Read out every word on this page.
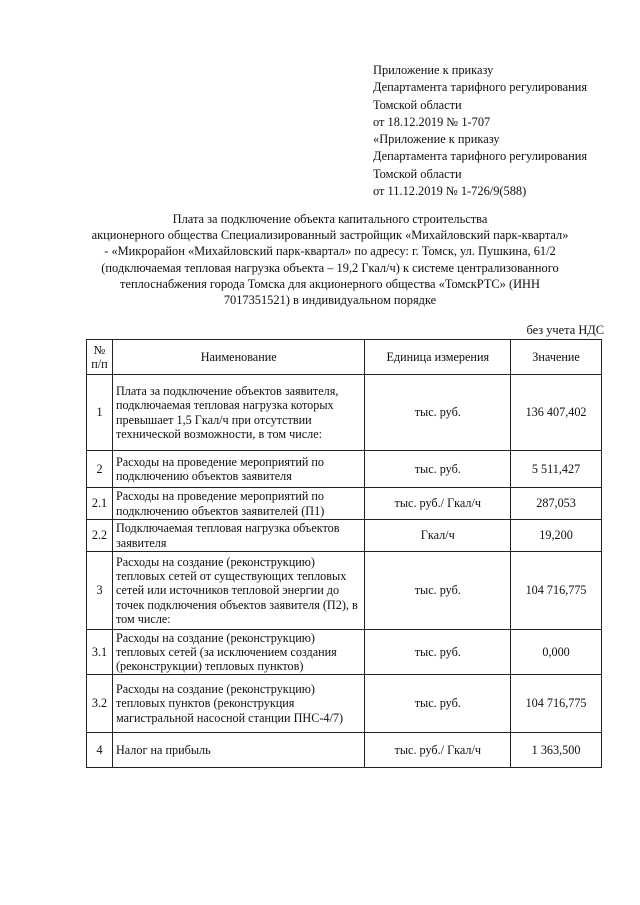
Приложение к приказу
Департамента тарифного регулирования
Томской области
от 18.12.2019 № 1-707
«Приложение к приказу
Департамента тарифного регулирования
Томской области
от 11.12.2019 № 1-726/9(588)
Плата за подключение объекта капитального строительства
акционерного общества Специализированный застройщик «Михайловский парк-квартал»
- «Микрорайон «Михайловский парк-квартал» по адресу: г. Томск, ул. Пушкина, 61/2
(подключаемая тепловая нагрузка объекта – 19,2 Гкал/ч) к системе централизованного
теплоснабжения города Томска для акционерного общества «ТомскРТС» (ИНН
7017351521) в индивидуальном порядке
без учета НДС
№
п/п	Наименование	Единица измерения	Значение
1	Плата за подключение объектов заявителя, подключаемая тепловая нагрузка которых превышает 1,5 Гкал/ч при отсутствии технической возможности, в том числе:	тыс. руб.	136 407,402
2	Расходы на проведение мероприятий по подключению объектов заявителя	тыс. руб.	5 511,427
2.1	Расходы на проведение мероприятий по подключению объектов заявителей (П1)	тыс. руб./ Гкал/ч	287,053
2.2	Подключаемая тепловая нагрузка объектов заявителя	Гкал/ч	19,200
3	Расходы на создание (реконструкцию) тепловых сетей от существующих тепловых сетей или источников тепловой энергии до точек подключения объектов заявителя (П2), в том числе:	тыс. руб.	104 716,775
3.1	Расходы на создание (реконструкцию) тепловых сетей (за исключением создания (реконструкции) тепловых пунктов)	тыс. руб.	0,000
3.2	Расходы на создание (реконструкцию) тепловых пунктов (реконструкция магистральной насосной станции ПНС-4/7)	тыс. руб.	104 716,775
4	Налог на прибыль	тыс. руб./ Гкал/ч	1 363,500
